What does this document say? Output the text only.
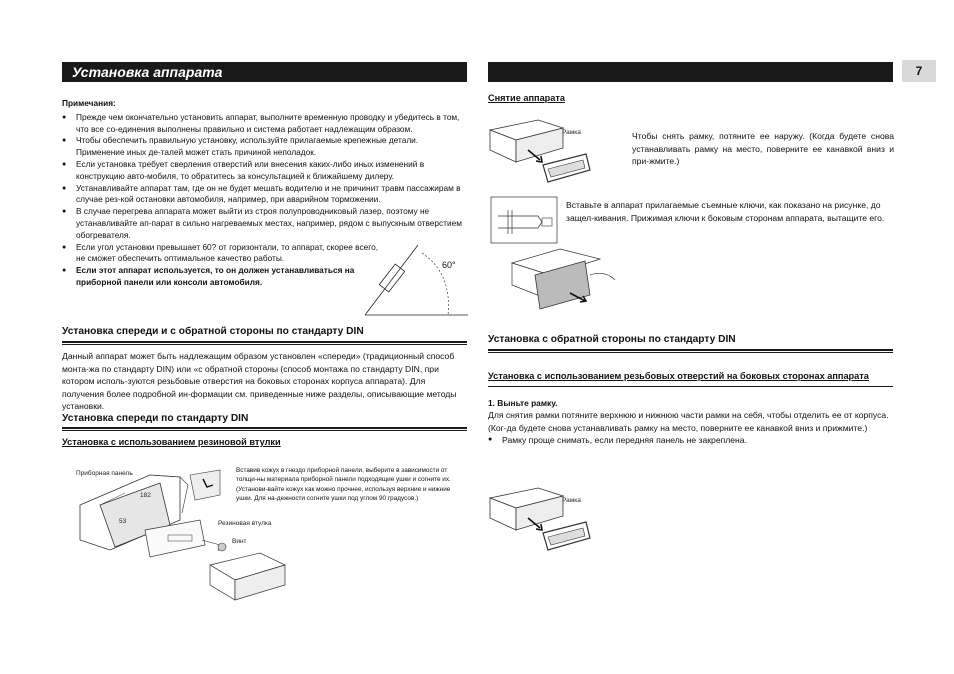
Установка аппарата	7
Примечания:
● Прежде чем окончательно установить аппарат, выполните временную проводку и убедитесь в том, что все со-единения выполнены правильно и система работает надлежащим образом.
● Чтобы обеспечить правильную установку, используйте прилагаемые крепежные детали. Применение иных де-талей может стать причиной неполадок.
● Если установка требует сверления отверстий или внесения каких-либо иных изменений в конструкцию авто-мобиля, то обратитесь за консультацией к ближайшему дилеру.
● Устанавливайте аппарат там, где он не будет мешать водителю и не причинит травм пассажирам в случае рез-кой остановки автомобиля, например, при аварийном торможении.
● В случае перегрева аппарата может выйти из строя полупроводниковый лазер, поэтому не устанавливайте ап-парат в сильно нагреваемых местах, например, рядом с выпускным отверстием обогревателя.
● Если угол установки превышает 60? от горизонтали, то аппарат, скорее всего,
не сможет обеспечить оптимальное качество работы.
● Если этот аппарат используется, то он должен устанавливаться на
приборной панели или консоли автомобиля.
60°
Установка спереди и с обратной стороны по стандарту DIN
Данный аппарат может быть надлежащим образом установлен «спереди» (традиционный способ монта-жа по стандарту DIN) или «с обратной стороны (способ монтажа по стандарту DIN, при котором исполь-зуются резьбовые отверстия на боковых сторонах корпуса аппарата). Для получения более подробной ин-формации см. приведенные ниже разделы, описывающие методы установки.
Установка спереди по стандарту DIN
Установка с использованием резиновой втулки
Приборная панель
182
53	Резиновая втулка
Винт
Вставив кожух в гнездо приборной панели, выберите в зависимости от толщи-ны материала приборной панели подходящие ушки и согните их. (Установи-вайте кожух как можно прочнее, используя верхние и нижние ушки. Для на-дежности согните ушки под углом 90 градусов.)
Снятие аппарата
Рамка	Чтобы снять рамку, потяните ее наружу. (Когда будете снова устанавливать рамку на место, поверните ее канавкой вниз и при-жмите.)
Вставьте в аппарат прилагаемые съемные ключи, как показано на рисунке, до защел-кивания. Прижимая ключи к боковым сторонам аппарата, вытащите его.
Установка с обратной стороны по стандарту DIN
Установка с использованием резьбовых отверстий на боковых сторонах аппарата
1. Выньте рамку.
Для снятия рамки потяните верхнюю и нижнюю части рамки на себя, чтобы отделить ее от корпуса. (Ког-да будете снова устанавливать рамку на место, поверните ее канавкой вниз и прижмите.)
● Рамку проще снимать, если передняя панель не закреплена.
Рамка
